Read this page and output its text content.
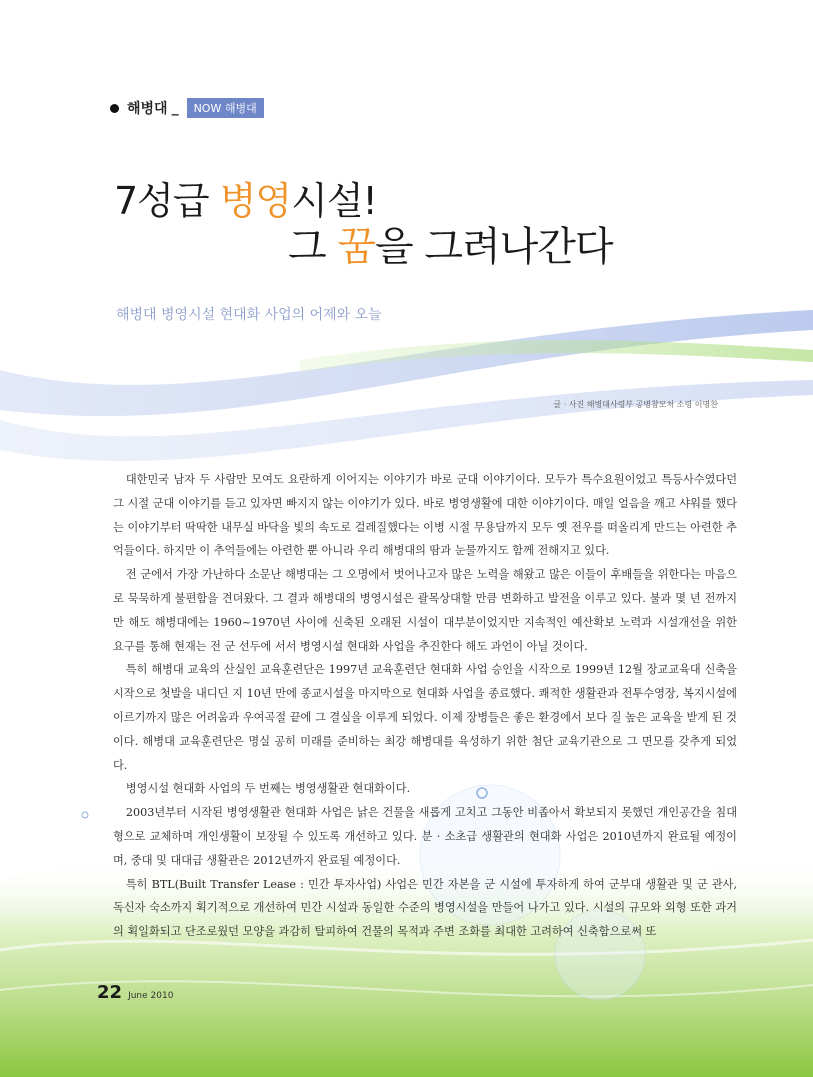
해병대 _	NOW 해병대
7성급 병영시설!
그 꿈을 그려나간다
해병대 병영시설 현대화 사업의 어제와 오늘
글 · 사진 해병대사령부 공병참모처 소령 이명찬

대한민국 남자 두 사람만 모여도 요란하게 이어지는 이야기가 바로 군대 이야기이다. 모두가 특수요원이었고 특등사수였다던 그 시절 군대 이야기를 듣고 있자면 빠지지 않는 이야기가 있다. 바로 병영생활에 대한 이야기이다. 매일 얼음을 깨고 샤워를 했다는 이야기부터 딱딱한 내무실 바닥을 빛의 속도로 걸레질했다는 이병 시절 무용담까지 모두 옛 전우를 떠올리게 만드는 아련한 추억들이다. 하지만 이 추억들에는 아련한 뿐 아니라 우리 해병대의 땀과 눈물까지도 함께 전해지고 있다.

전 군에서 가장 가난하다 소문난 해병대는 그 오명에서 벗어나고자 많은 노력을 해왔고 많은 이들이 후배들을 위한다는 마음으로 묵묵하게 불편함을 견뎌왔다. 그 결과 해병대의 병영시설은 괄목상대할 만큼 변화하고 발전을 이루고 있다. 불과 몇 년 전까지만 해도 해병대에는 1960~1970년 사이에 신축된 오래된 시설이 대부분이었지만 지속적인 예산확보 노력과 시설개선을 위한 요구를 통해 현재는 전 군 선두에 서서 병영시설 현대화 사업을 추진한다 해도 과언이 아닐 것이다.

특히 해병대 교육의 산실인 교육훈련단은 1997년 교육훈련단 현대화 사업 승인을 시작으로 1999년 12월 장교교육대 신축을 시작으로 첫발을 내디딘 지 10년 만에 종교시설을 마지막으로 현대화 사업을 종료했다. 쾌적한 생활관과 전투수영장, 복지시설에 이르기까지 많은 어려움과 우여곡절 끝에 그 결실을 이루게 되었다. 이제 장병들은 좋은 환경에서 보다 질 높은 교육을 받게 된 것이다. 해병대 교육훈련단은 명실 공히 미래를 준비하는 최강 해병대를 육성하기 위한 첨단 교육기관으로 그 면모를 갖추게 되었다.

병영시설 현대화 사업의 두 번째는 병영생활관 현대화이다.

2003년부터 시작된 병영생활관 현대화 사업은 낡은 건물을 새롭게 고치고 그동안 비좁아서 확보되지 못했던 개인공간을 침대형으로 교체하며 개인생활이 보장될 수 있도록 개선하고 있다. 분 · 소초급 생활관의 현대화 사업은 2010년까지 완료될 예정이며, 중대 및 대대급 생활관은 2012년까지 완료될 예정이다.

특히 BTL(Built Transfer Lease : 민간 투자사업) 사업은 민간 자본을 군 시설에 투자하게 하여 군부대 생활관 및 군 관사, 독신자 숙소까지 획기적으로 개선하여 민간 시설과 동일한 수준의 병영시설을 만들어 나가고 있다. 시설의 규모와 외형 또한 과거의 획일화되고 단조로웠던 모양을 과감히 탈피하여 건물의 목적과 주변 조화를 최대한 고려하여 신축함으로써 또

22 June 2010
